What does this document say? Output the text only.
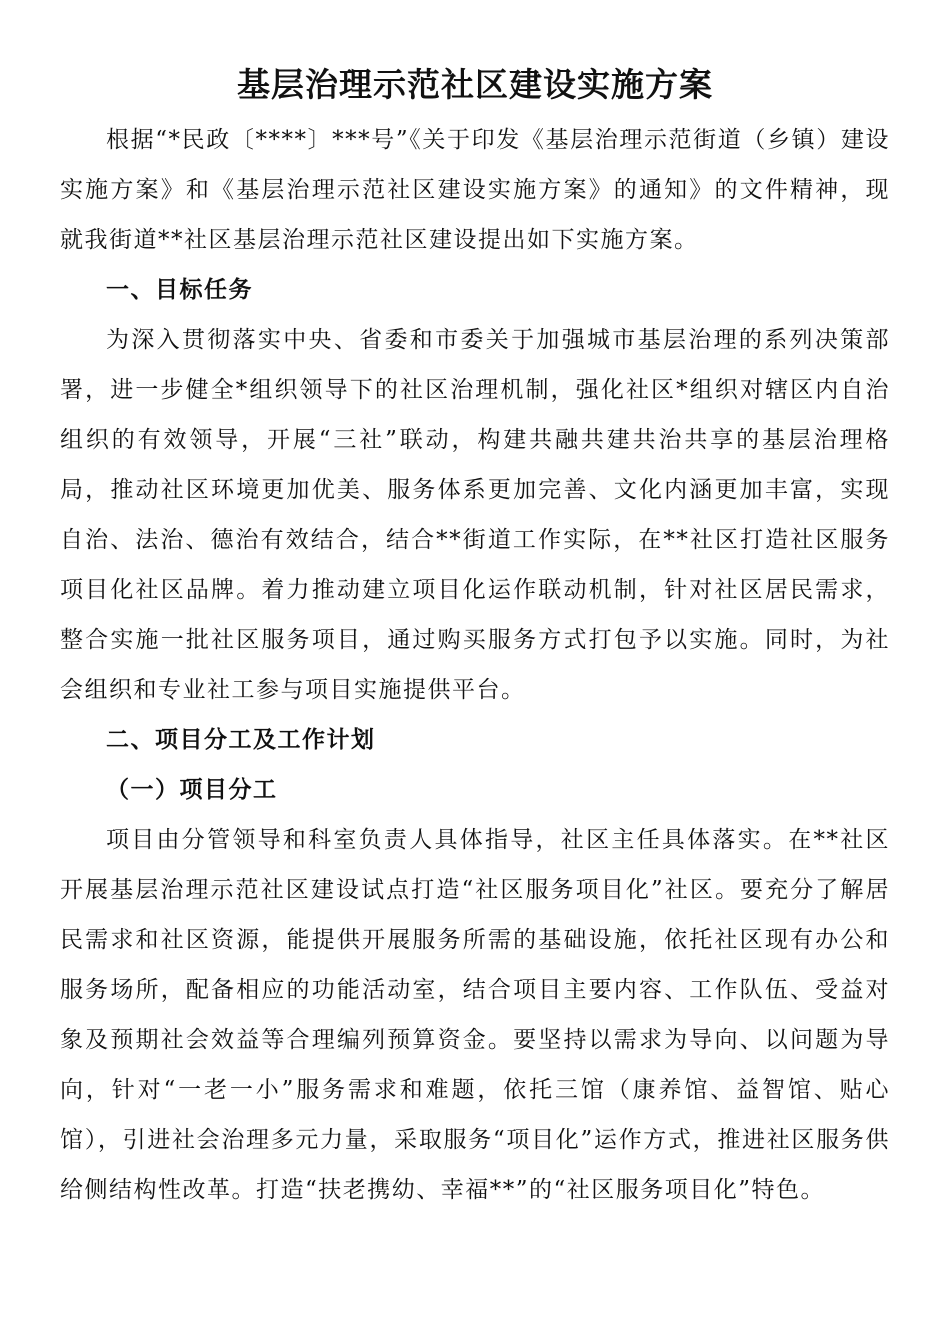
基层治理示范社区建设实施方案

根据“*民政〔****〕***号”《关于印发《基层治理示范街道（乡镇）建设实施方案》和《基层治理示范社区建设实施方案》的通知》的文件精神，现就我街道**社区基层治理示范社区建设提出如下实施方案。

一、目标任务

为深入贯彻落实中央、省委和市委关于加强城市基层治理的系列决策部署，进一步健全*组织领导下的社区治理机制，强化社区*组织对辖区内自治组织的有效领导，开展“三社”联动，构建共融共建共治共享的基层治理格局，推动社区环境更加优美、服务体系更加完善、文化内涵更加丰富，实现自治、法治、德治有效结合，结合**街道工作实际，在**社区打造社区服务项目化社区品牌。着力推动建立项目化运作联动机制，针对社区居民需求，整合实施一批社区服务项目，通过购买服务方式打包予以实施。同时，为社会组织和专业社工参与项目实施提供平台。

二、项目分工及工作计划

（一）项目分工

项目由分管领导和科室负责人具体指导，社区主任具体落实。在**社区开展基层治理示范社区建设试点打造“社区服务项目化”社区。要充分了解居民需求和社区资源，能提供开展服务所需的基础设施，依托社区现有办公和服务场所，配备相应的功能活动室，结合项目主要内容、工作队伍、受益对象及预期社会效益等合理编列预算资金。要坚持以需求为导向、以问题为导向，针对“一老一小”服务需求和难题，依托三馆（康养馆、益智馆、贴心馆），引进社会治理多元力量，采取服务“项目化”运作方式，推进社区服务供给侧结构性改革。打造“扶老携幼、幸福**”的“社区服务项目化”特色。
